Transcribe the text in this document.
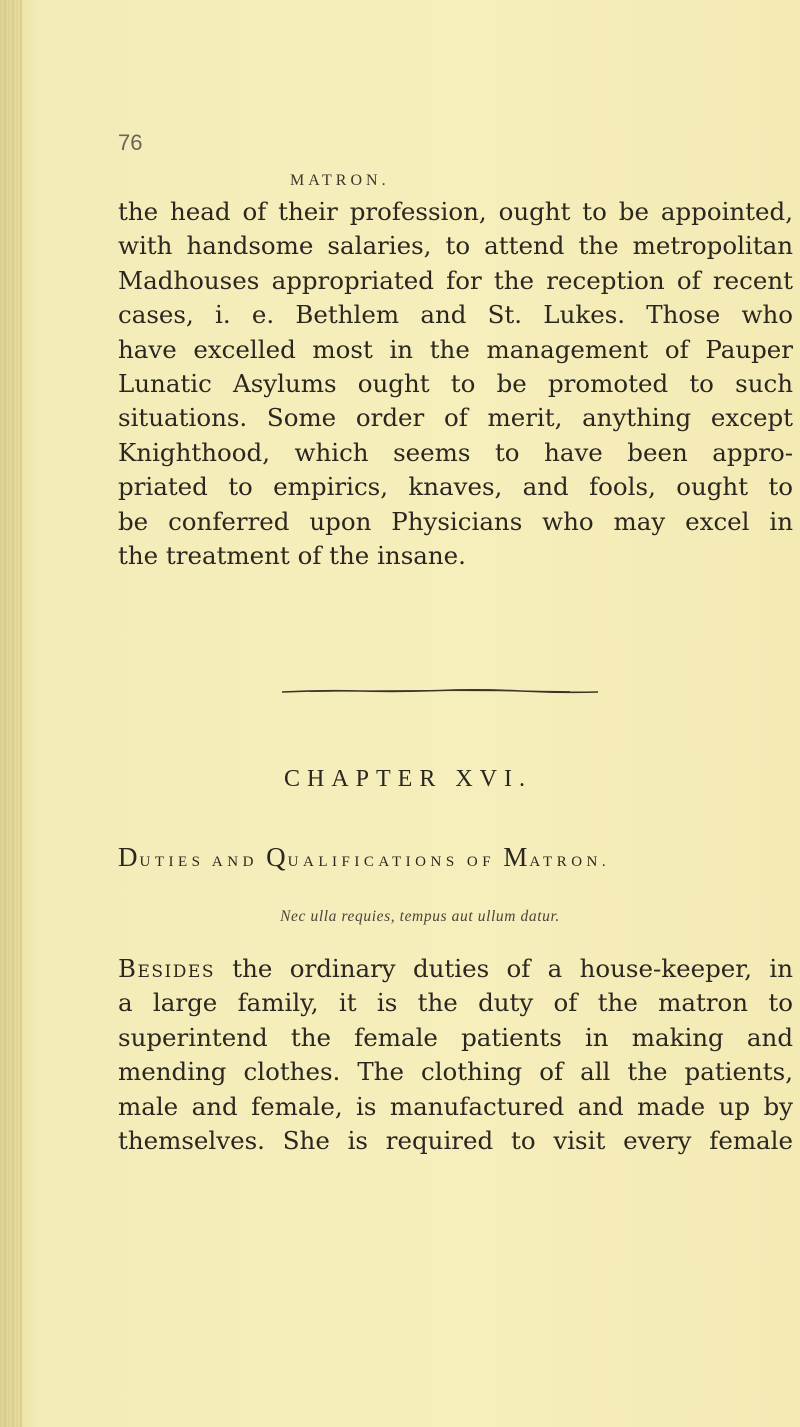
76

MATRON.

the head of their profession, ought to be appointed,
with handsome salaries, to attend the metropolitan
Madhouses appropriated for the reception of recent
cases, i. e. Bethlem and St. Lukes. Those who
have excelled most in the management of Pauper
Lunatic Asylums ought to be promoted to such
situations. Some order of merit, anything except
Knighthood, which seems to have been appro-
priated to empirics, knaves, and fools, ought to
be conferred upon Physicians who may excel in
the treatment of the insane.

CHAPTER XVI.
DUTIES AND QUALIFICATIONS OF MATRON.

Nec ulla requies, tempus aut ullum datur.

Besides the ordinary duties of a house-keeper, in
a large family, it is the duty of the matron to
superintend the female patients in making and
mending clothes. The clothing of all the patients,
male and female, is manufactured and made up by
themselves. She is required to visit every female
